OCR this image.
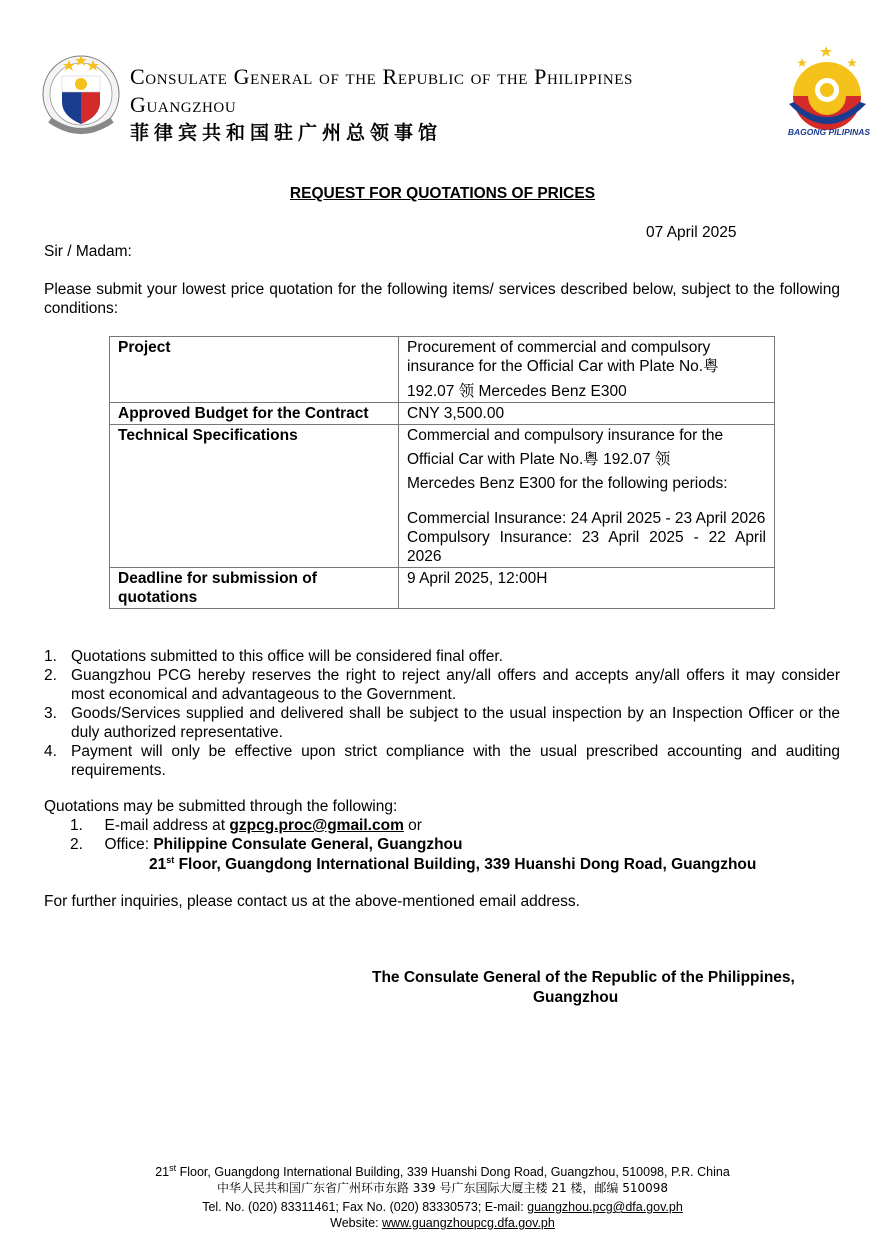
Consulate General of the Republic of the Philippines
Guangzhou
菲律宾共和国驻广州总领事馆	BAGONG PILIPINAS
REQUEST FOR QUOTATIONS OF PRICES
07 April 2025
Sir / Madam:
Please submit your lowest price quotation for the following items/ services described below, subject to the following conditions:
Project	Procurement of commercial and compulsory insurance for the Official Car with Plate No.粤
192.07 领 Mercedes Benz E300

Approved Budget for the Contract	CNY 3,500.00
Technical Specifications	Commercial and compulsory insurance for the
Official Car with Plate No.粤 192.07 领
Mercedes Benz E300 for the following periods:
Commercial Insurance: 24 April 2025 - 23 April 2026
Compulsory Insurance: 23 April 2025 - 22 April 2026

Deadline for submission of quotations	9 April 2025, 12:00H
1. Quotations submitted to this office will be considered final offer.
2. Guangzhou PCG hereby reserves the right to reject any/all offers and accepts any/all offers it may consider most economical and advantageous to the Government.
3. Goods/Services supplied and delivered shall be subject to the usual inspection by an Inspection Officer or the duly authorized representative.
4. Payment will only be effective upon strict compliance with the usual prescribed accounting and auditing requirements.
Quotations may be submitted through the following:
1. E-mail address at gzpcg.proc@gmail.com or
2. Office: Philippine Consulate General, Guangzhou
21st Floor, Guangdong International Building, 339 Huanshi Dong Road, Guangzhou
For further inquiries, please contact us at the above-mentioned email address.
The Consulate General of the Republic of the Philippines,
Guangzhou
21st Floor, Guangdong International Building, 339 Huanshi Dong Road, Guangzhou, 510098, P.R. China
中华人民共和国广东省广州环市东路 339 号广东国际大厦主楼 21 楼，邮编 510098
Tel. No. (020) 83311461; Fax No. (020) 83330573; E-mail: guangzhou.pcg@dfa.gov.ph
Website: www.guangzhoupcg.dfa.gov.ph
